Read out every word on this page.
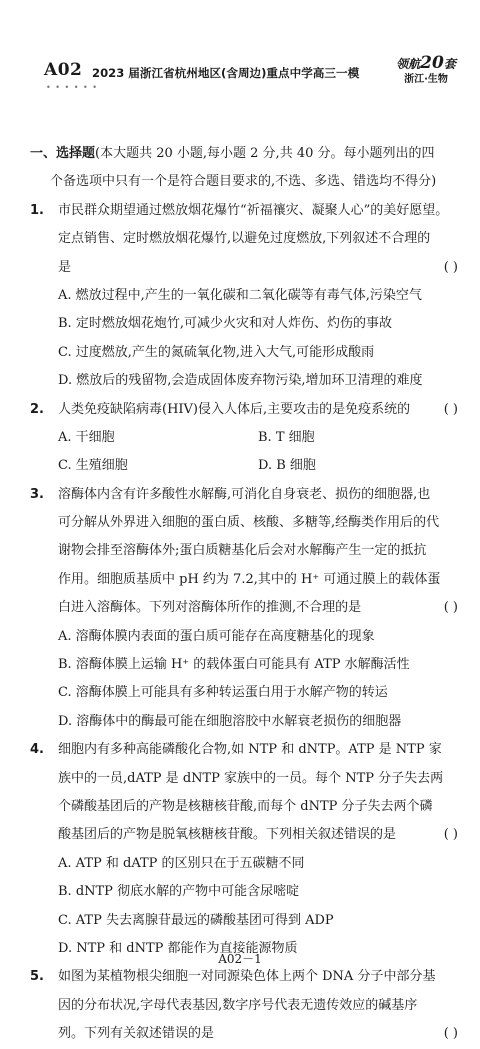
A02
• • • • • •
2023 届浙江省杭州地区(含周边)重点中学高三一模
领航20套
浙江·生物
一、选择题(本大题共 20 小题,每小题 2 分,共 40 分。每小题列出的四
个备选项中只有一个是符合题目要求的,不选、多选、错选均不得分)
1. 市民群众期望通过燃放烟花爆竹“祈福禳灾、凝聚人心”的美好愿望。
定点销售、定时燃放烟花爆竹,以避免过度燃放,下列叙述不合理的
是	( )
A. 燃放过程中,产生的一氧化碳和二氧化碳等有毒气体,污染空气
B. 定时燃放烟花炮竹,可减少火灾和对人炸伤、灼伤的事故
C. 过度燃放,产生的氮硫氧化物,进入大气,可能形成酸雨
D. 燃放后的残留物,会造成固体废弃物污染,增加环卫清理的难度
2. 人类免疫缺陷病毒(HIV)侵入人体后,主要攻击的是免疫系统的	( )
A. 干细胞	B. T 细胞
C. 生殖细胞	D. B 细胞
3. 溶酶体内含有许多酸性水解酶,可消化自身衰老、损伤的细胞器,也
可分解从外界进入细胞的蛋白质、核酸、多糖等,经酶类作用后的代
谢物会排至溶酶体外;蛋白质糖基化后会对水解酶产生一定的抵抗
作用。细胞质基质中 pH 约为 7.2,其中的 H⁺ 可通过膜上的载体蛋
白进入溶酶体。下列对溶酶体所作的推测,不合理的是	( )
A. 溶酶体膜内表面的蛋白质可能存在高度糖基化的现象
B. 溶酶体膜上运输 H⁺ 的载体蛋白可能具有 ATP 水解酶活性
C. 溶酶体膜上可能具有多种转运蛋白用于水解产物的转运
D. 溶酶体中的酶最可能在细胞溶胶中水解衰老损伤的细胞器
4. 细胞内有多种高能磷酸化合物,如 NTP 和 dNTP。ATP 是 NTP 家
族中的一员,dATP 是 dNTP 家族中的一员。每个 NTP 分子失去两
个磷酸基团后的产物是核糖核苷酸,而每个 dNTP 分子失去两个磷
酸基团后的产物是脱氧核糖核苷酸。下列相关叙述错误的是	( )
A. ATP 和 dATP 的区别只在于五碳糖不同
B. dNTP 彻底水解的产物中可能含尿嘧啶
C. ATP 失去离腺苷最远的磷酸基团可得到 ADP
D. NTP 和 dNTP 都能作为直接能源物质
5. 如图为某植物根尖细胞一对同源染色体上两个 DNA 分子中部分基
因的分布状况,字母代表基因,数字序号代表无遗传效应的碱基序
列。下列有关叙述错误的是	( )
A02－1
